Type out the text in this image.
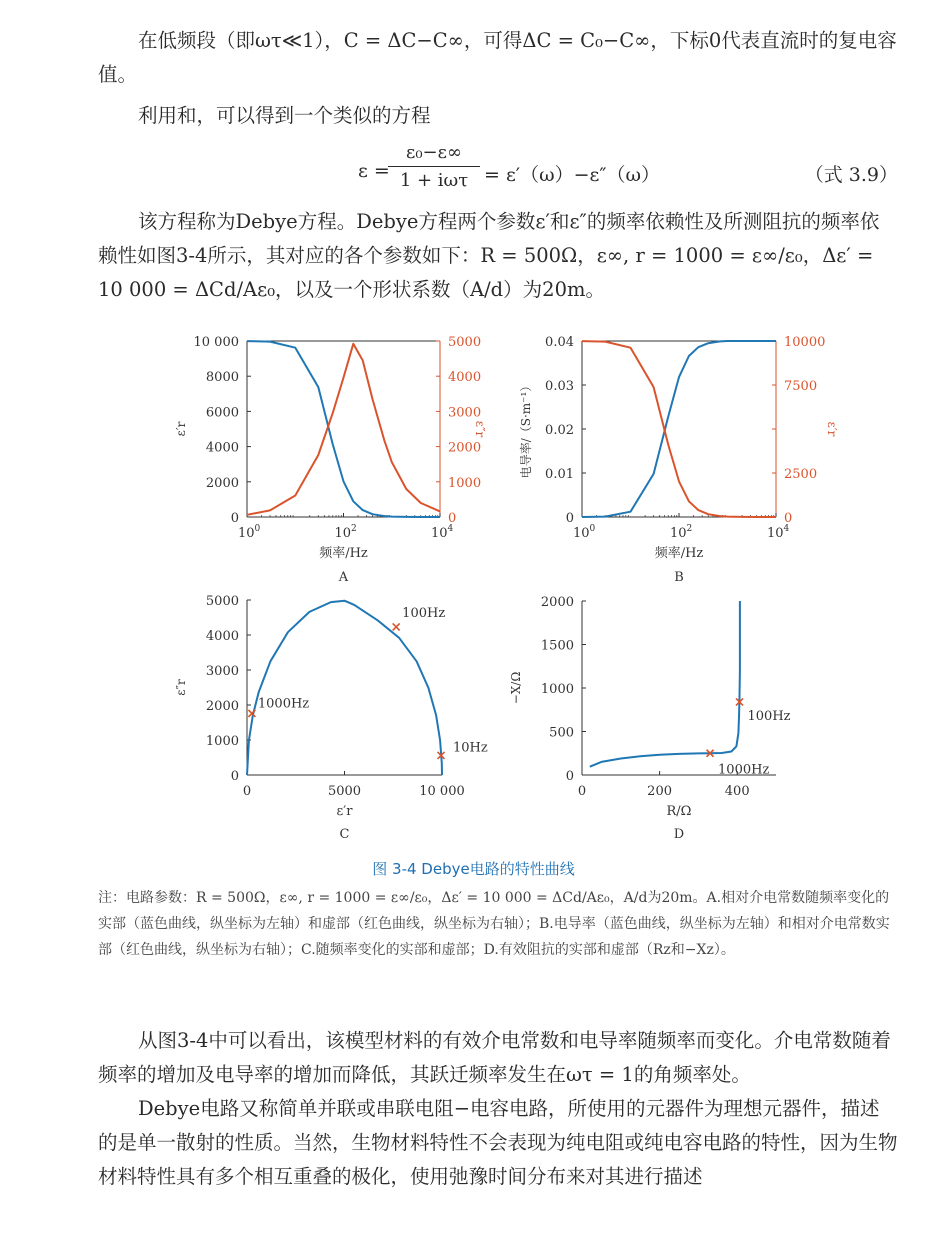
在低频段（即ωτ≪1），C = ΔC−C∞，可得ΔC = C₀−C∞，下标0代表直流时的复电容值。

利用和，可以得到一个类似的方程

ε =
ε₀−ε∞
1 + iωτ = ε′（ω）−ε″（ω）	（式 3.9）

该方程称为Debye方程。Debye方程两个参数ε′和ε″的频率依赖性及所测阻抗的频率依赖性如图3-4所示，其对应的各个参数如下：R = 500Ω，ε∞, r = 1000 = ε∞/ε₀，Δε′ = 10 000 = ΔCd/Aε₀，以及一个形状系数（A/d）为20m。

$10^0$	$10^2$	$10^4$
0
2000
4000
6000
8000
10 000
0
1000
2000
3000
4000
5000
频率/Hz
ε′r	ε″r
A
$10^0$	$10^2$	$10^4$
0
0.01
0.02
0.03
0.04
0
2500
7500
10000
频率/Hz
电导率/（S·m⁻¹）	ε′r
B
0	5000	10 000
0
1000
2000
3000
4000
5000
ε′r
ε″r
C
10Hz
100Hz
1000Hz
0	200	400
0
500
1000
1500
2000
R/Ω
−X/Ω
D
1000Hz
100Hz
图 3-4 Debye电路的特性曲线

注：电路参数：R = 500Ω，ε∞, r = 1000 = ε∞/ε₀，Δε′ = 10 000 = ΔCd/Aε₀，A/d为20m。A.相对介电常数随频率变化的实部（蓝色曲线，纵坐标为左轴）和虚部（红色曲线，纵坐标为右轴）；B.电导率（蓝色曲线，纵坐标为左轴）和相对介电常数实部（红色曲线，纵坐标为右轴）；C.随频率变化的实部和虚部；D.有效阻抗的实部和虚部（Rz和−Xz）。

从图3-4中可以看出，该模型材料的有效介电常数和电导率随频率而变化。介电常数随着频率的增加及电导率的增加而降低，其跃迁频率发生在ωτ = 1的角频率处。

Debye电路又称简单并联或串联电阻−电容电路，所使用的元器件为理想元器件，描述的是单一散射的性质。当然，生物材料特性不会表现为纯电阻或纯电容电路的特性，因为生物材料特性具有多个相互重叠的极化，使用弛豫时间分布来对其进行描述
